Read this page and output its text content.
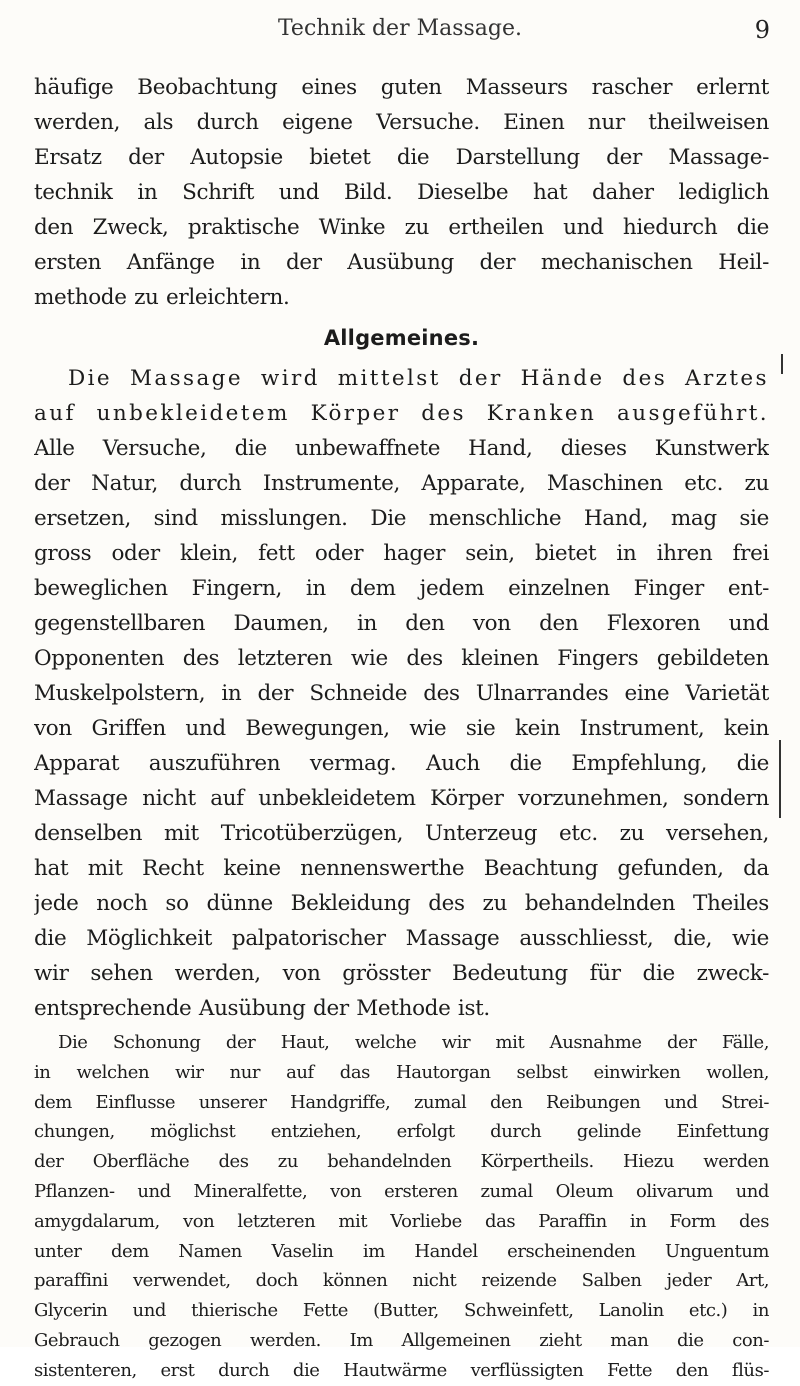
Technik der Massage.	9
häufige Beobachtung eines guten Masseurs rascher erlernt
werden, als durch eigene Versuche. Einen nur theilweisen
Ersatz der Autopsie bietet die Darstellung der Massage-
technik in Schrift und Bild. Dieselbe hat daher lediglich
den Zweck, praktische Winke zu ertheilen und hiedurch die
ersten Anfänge in der Ausübung der mechanischen Heil-
methode zu erleichtern.
Allgemeines.
Die Massage wird mittelst der Hände des Arztes
auf unbekleidetem Körper des Kranken ausgeführt.
Alle Versuche, die unbewaffnete Hand, dieses Kunstwerk
der Natur, durch Instrumente, Apparate, Maschinen etc. zu
ersetzen, sind misslungen. Die menschliche Hand, mag sie
gross oder klein, fett oder hager sein, bietet in ihren frei
beweglichen Fingern, in dem jedem einzelnen Finger ent-
gegenstellbaren Daumen, in den von den Flexoren und
Opponenten des letzteren wie des kleinen Fingers gebildeten
Muskelpolstern, in der Schneide des Ulnarrandes eine Varietät
von Griffen und Bewegungen, wie sie kein Instrument, kein
Apparat auszuführen vermag. Auch die Empfehlung, die
Massage nicht auf unbekleidetem Körper vorzunehmen, sondern
denselben mit Tricotüberzügen, Unterzeug etc. zu versehen,
hat mit Recht keine nennenswerthe Beachtung gefunden, da
jede noch so dünne Bekleidung des zu behandelnden Theiles
die Möglichkeit palpatorischer Massage ausschliesst, die, wie
wir sehen werden, von grösster Bedeutung für die zweck-
entsprechende Ausübung der Methode ist.
Die Schonung der Haut, welche wir mit Ausnahme der Fälle,
in welchen wir nur auf das Hautorgan selbst einwirken wollen,
dem Einflusse unserer Handgriffe, zumal den Reibungen und Strei-
chungen, möglichst entziehen, erfolgt durch gelinde Einfettung
der Oberfläche des zu behandelnden Körpertheils. Hiezu werden
Pflanzen- und Mineralfette, von ersteren zumal Oleum olivarum und
amygdalarum, von letzteren mit Vorliebe das Paraffin in Form des
unter dem Namen Vaselin im Handel erscheinenden Unguentum
paraffini verwendet, doch können nicht reizende Salben jeder Art,
Glycerin und thierische Fette (Butter, Schweinfett, Lanolin etc.) in
Gebrauch gezogen werden. Im Allgemeinen zieht man die con-
sistenteren, erst durch die Hautwärme verflüssigten Fette den flüs-
